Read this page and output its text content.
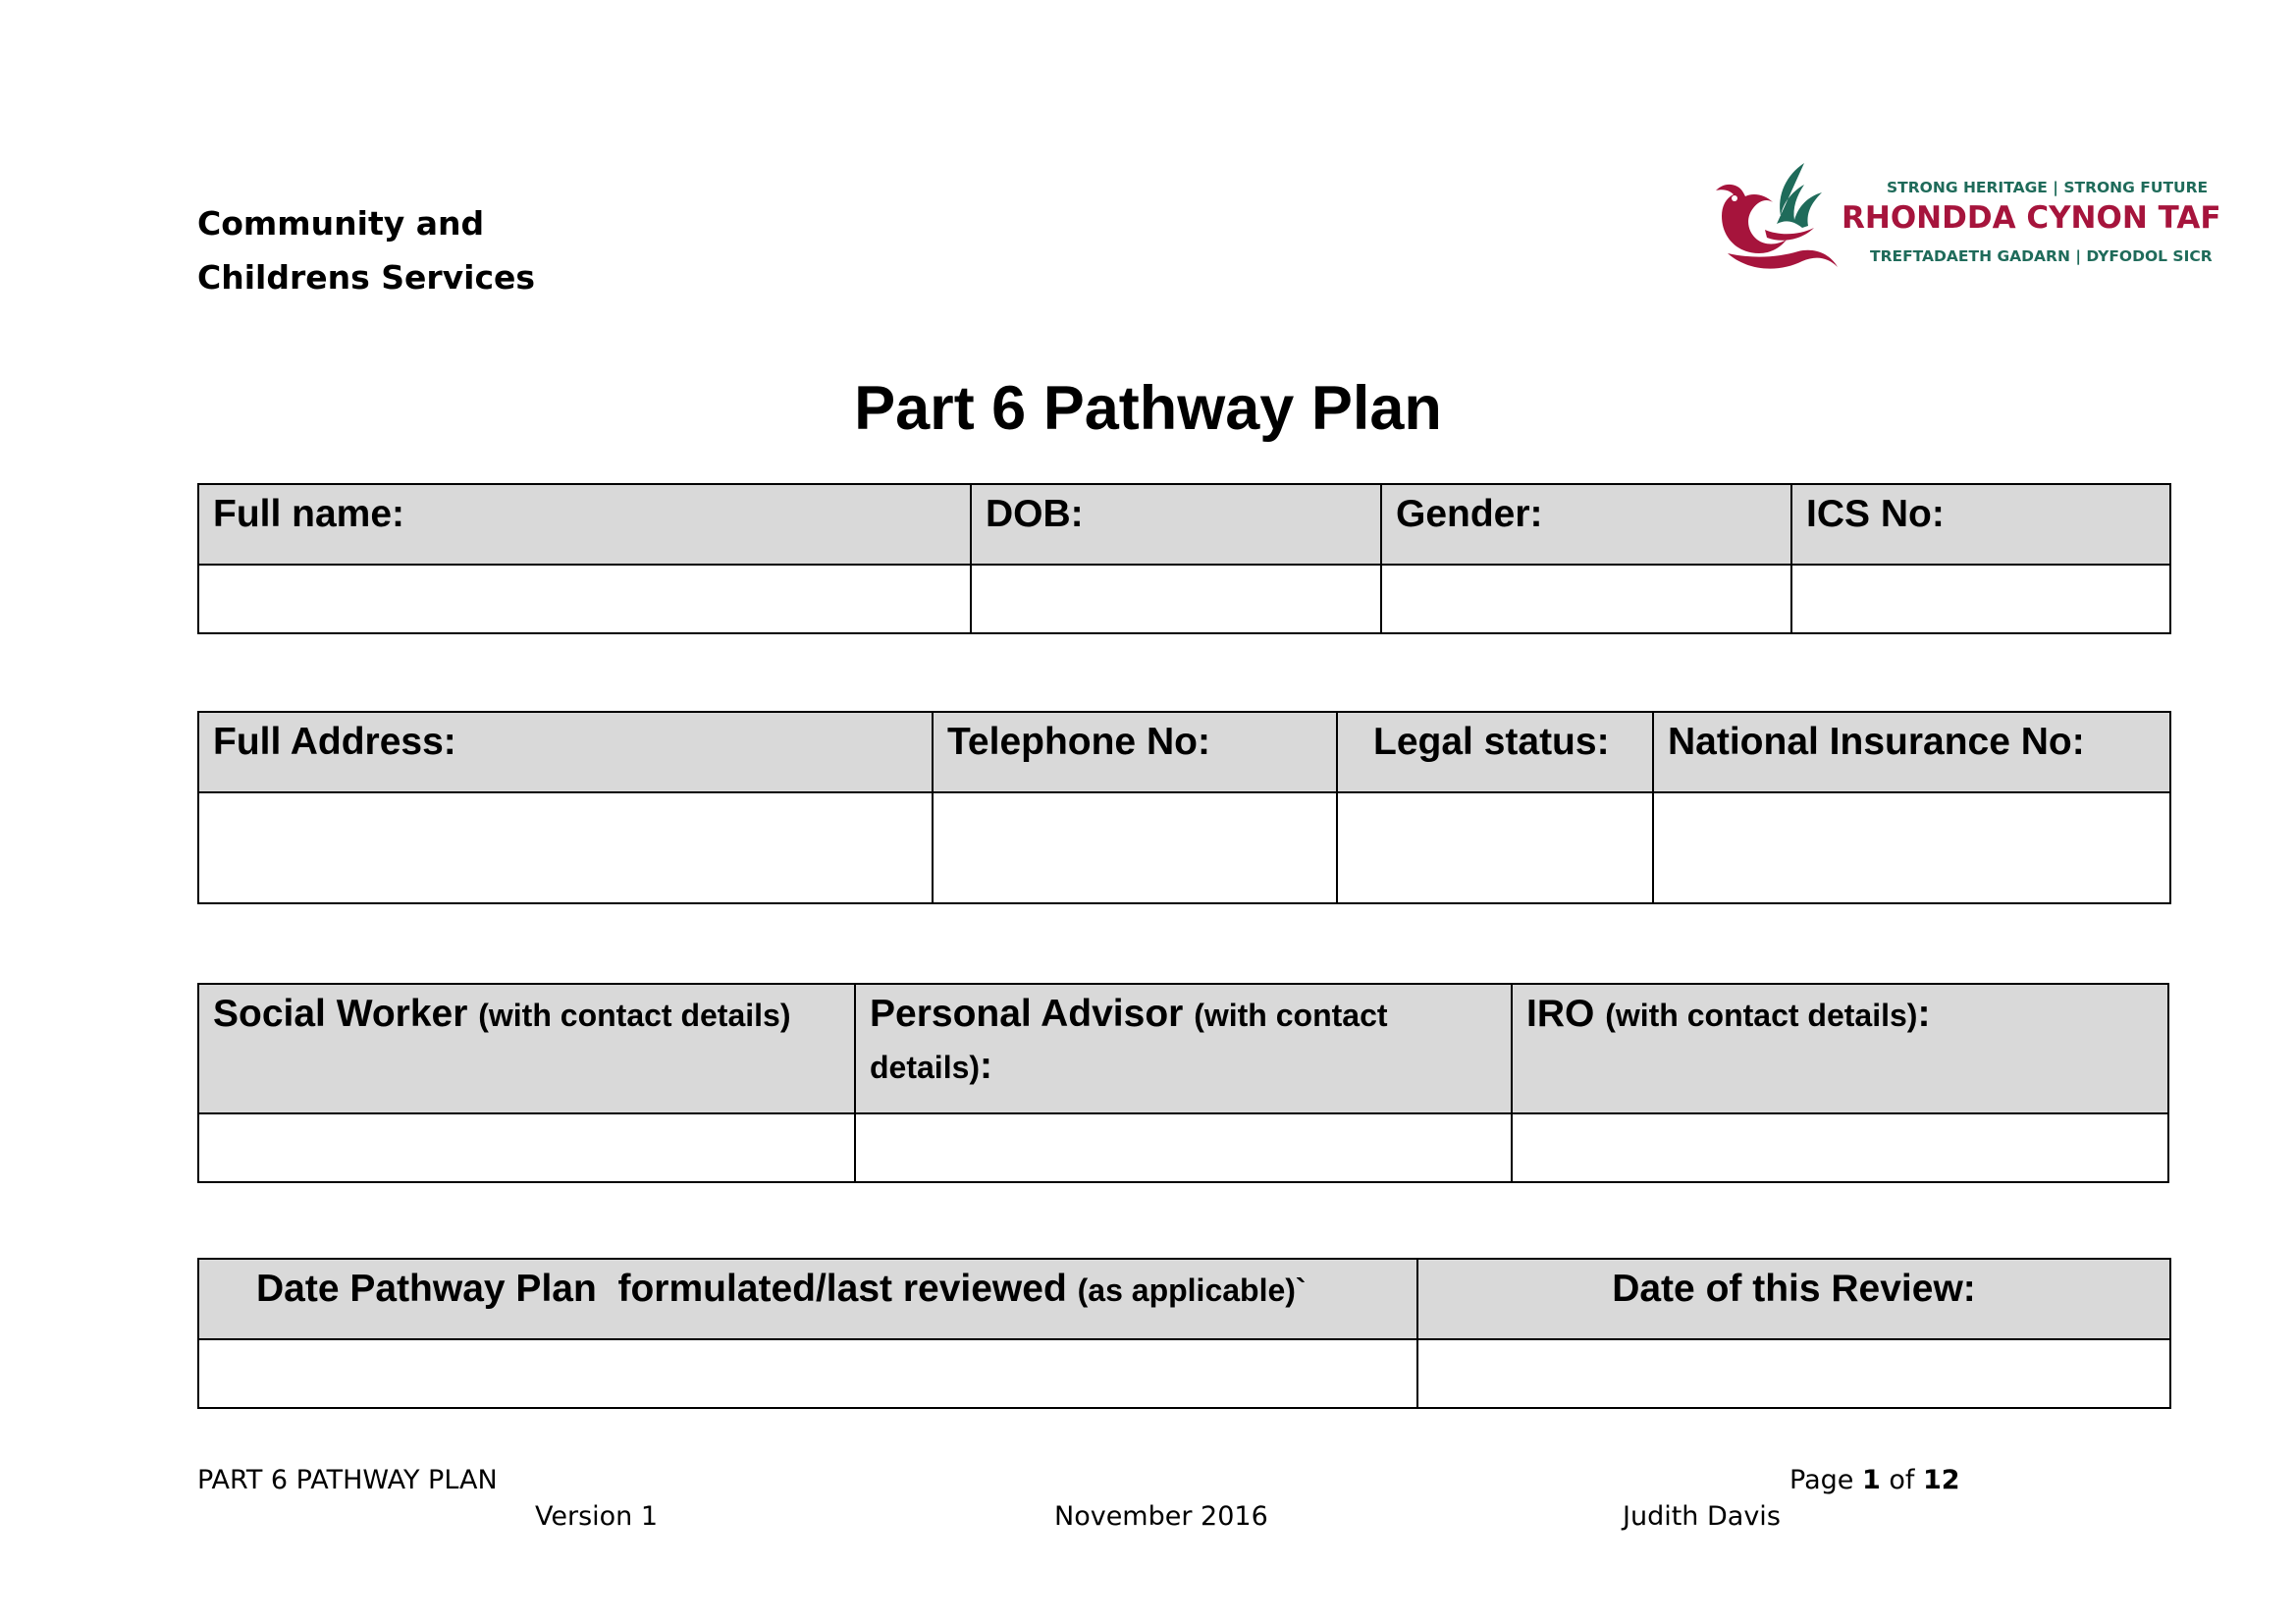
Community and
Childrens Services
STRONG HERITAGE | STRONG FUTURE
RHONDDA CYNON TAF
TREFTADAETH GADARN | DYFODOL SICR
Part 6 Pathway Plan
Full name:	DOB:	Gender:	ICS No:

Full Address:	Telephone No:	Legal status:	National Insurance No:

Social Worker (with contact details)	Personal Advisor (with contact details):	IRO (with contact details):

Date Pathway Plan  formulated/last reviewed (as applicable)`	Date of this Review:

PART 6 PATHWAY PLAN	Page 1 of 12
Version 1	November 2016	Judith Davis
